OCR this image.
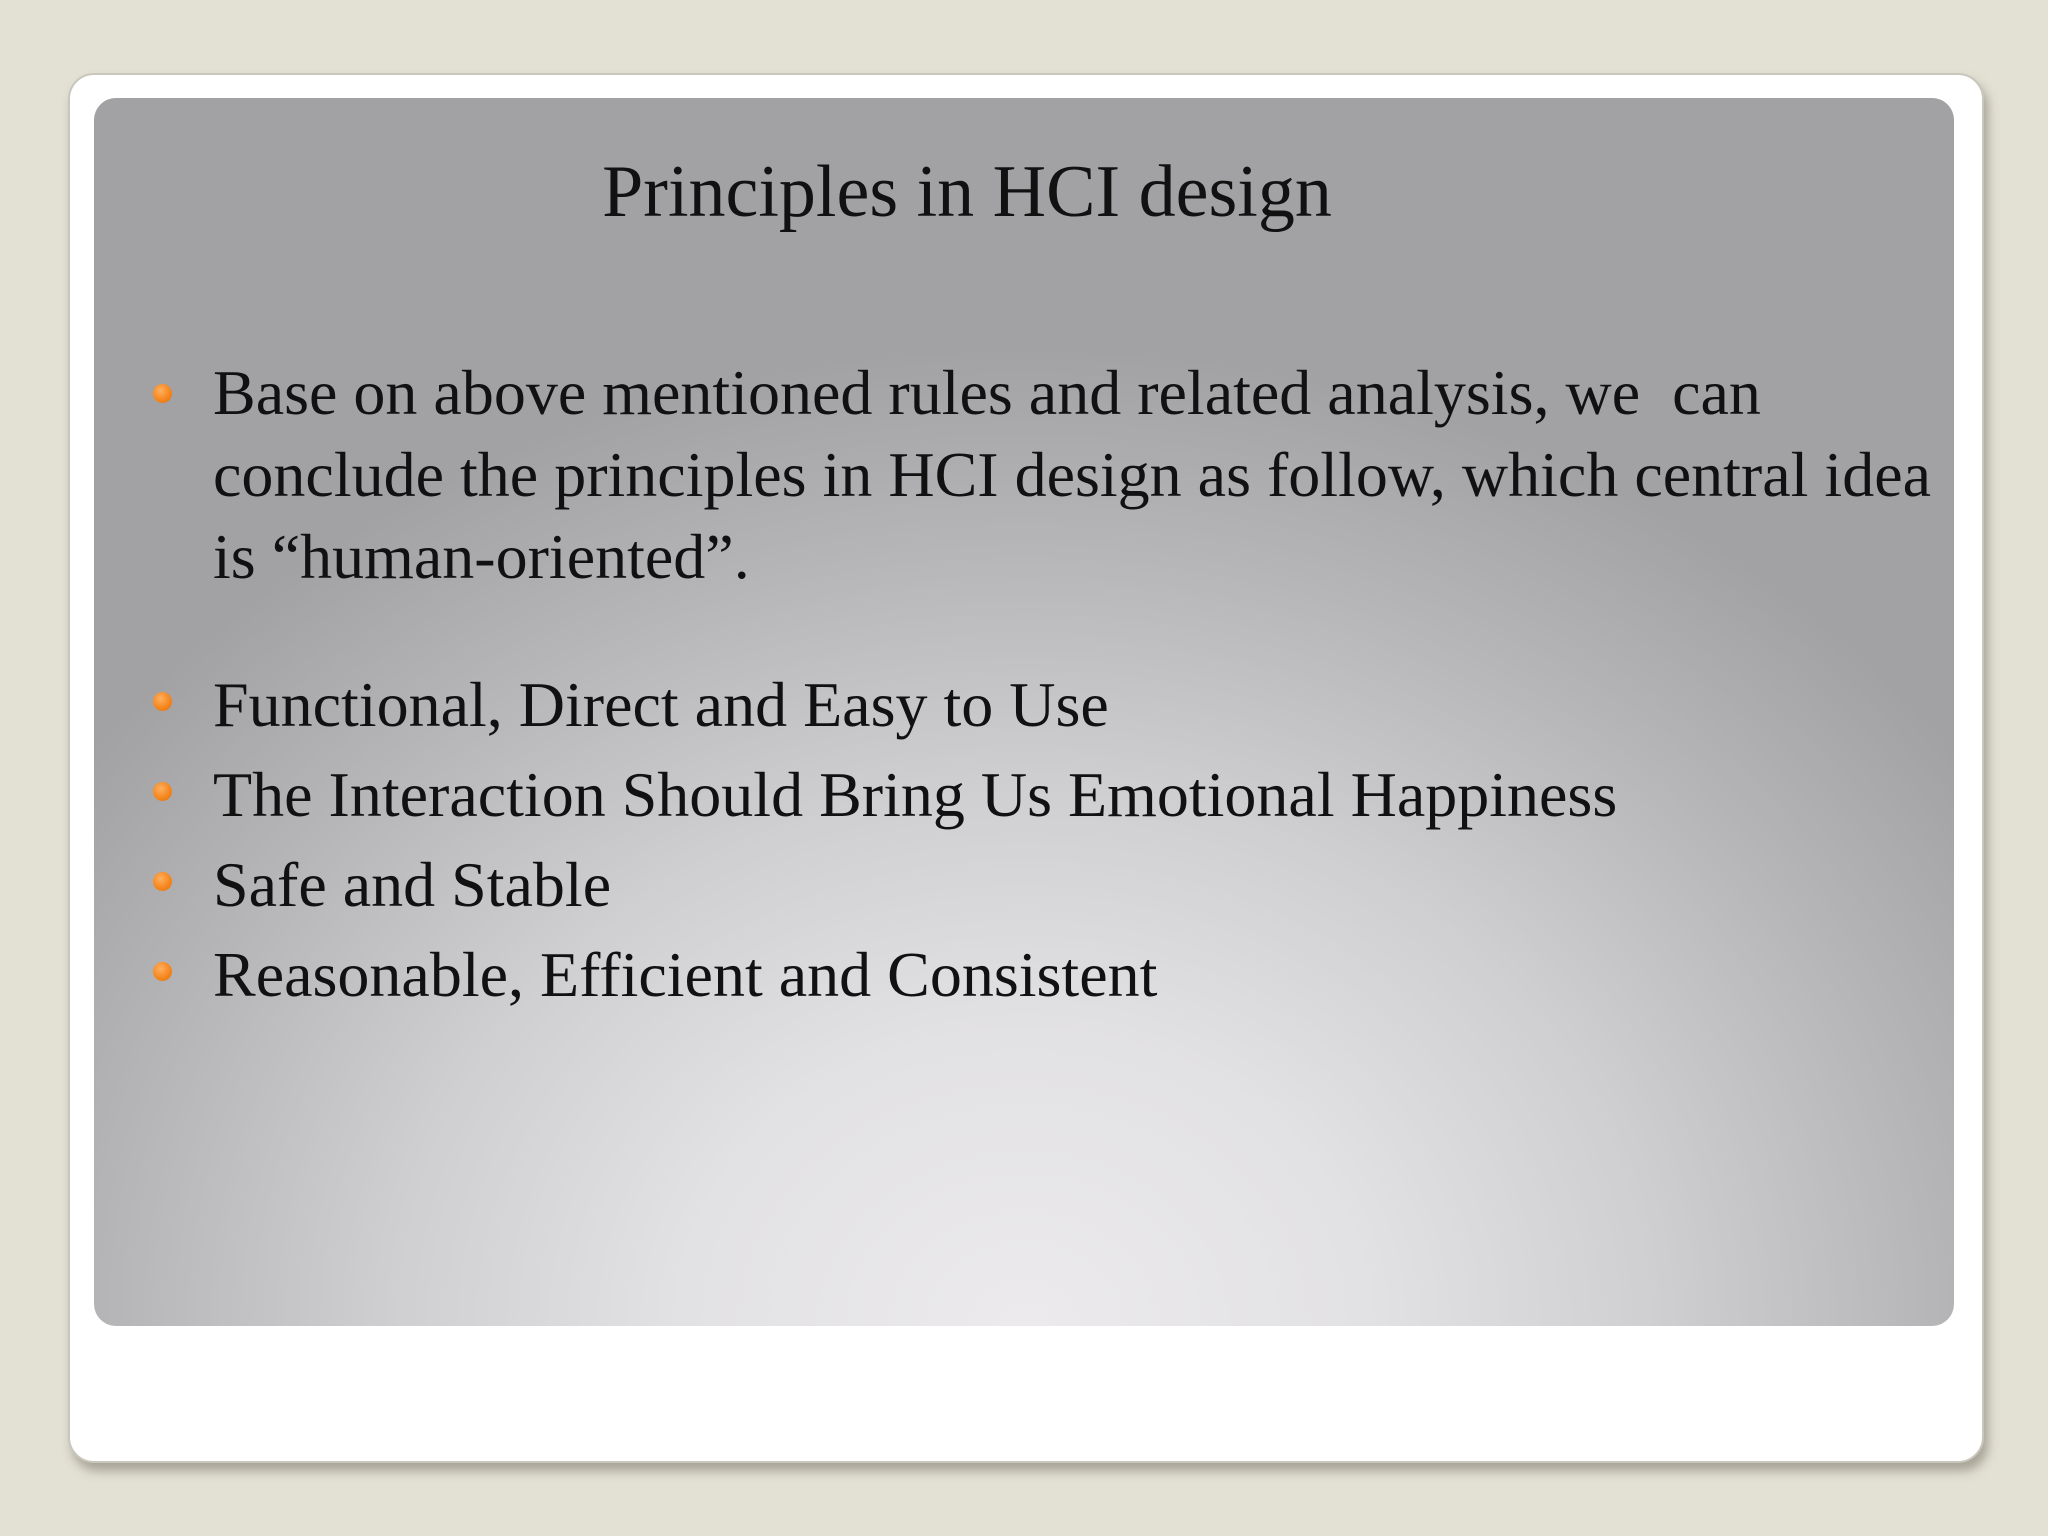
Principles in HCI design
Base on above mentioned rules and related analysis, we  can conclude the principles in HCI design as follow, which central idea is “human-oriented”.
Functional, Direct and Easy to Use
The Interaction Should Bring Us Emotional Happiness
Safe and Stable
Reasonable, Efficient and Consistent
